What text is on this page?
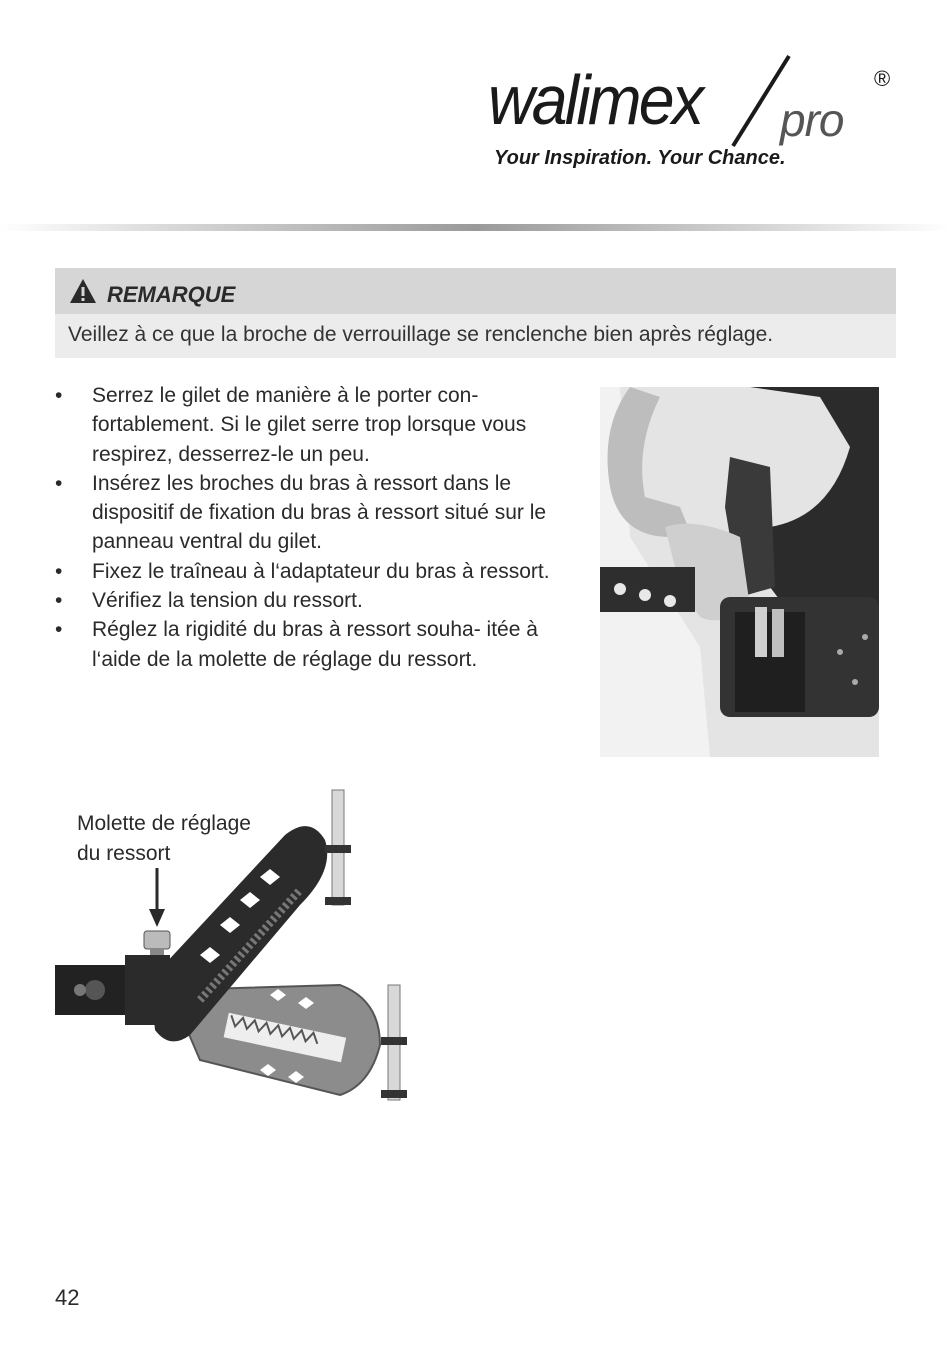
walimex pro
®
Your Inspiration. Your Chance.
REMARQUE
Veillez à ce que la broche de verrouillage se renclenche bien après réglage.
• Serrez le gilet de manière à le porter con- fortablement. Si le gilet serre trop lorsque vous respirez, desserrez-le un peu.
• Insérez les broches du bras à ressort dans le dispositif de fixation du bras à ressort situé sur le panneau ventral du gilet.
• Fixez le traîneau à l‘adaptateur du bras à ressort.
• Vérifiez la tension du ressort.
• Réglez la rigidité du bras à ressort souha- itée à l‘aide de la molette de réglage du ressort.
Molette de réglage
du ressort
42
